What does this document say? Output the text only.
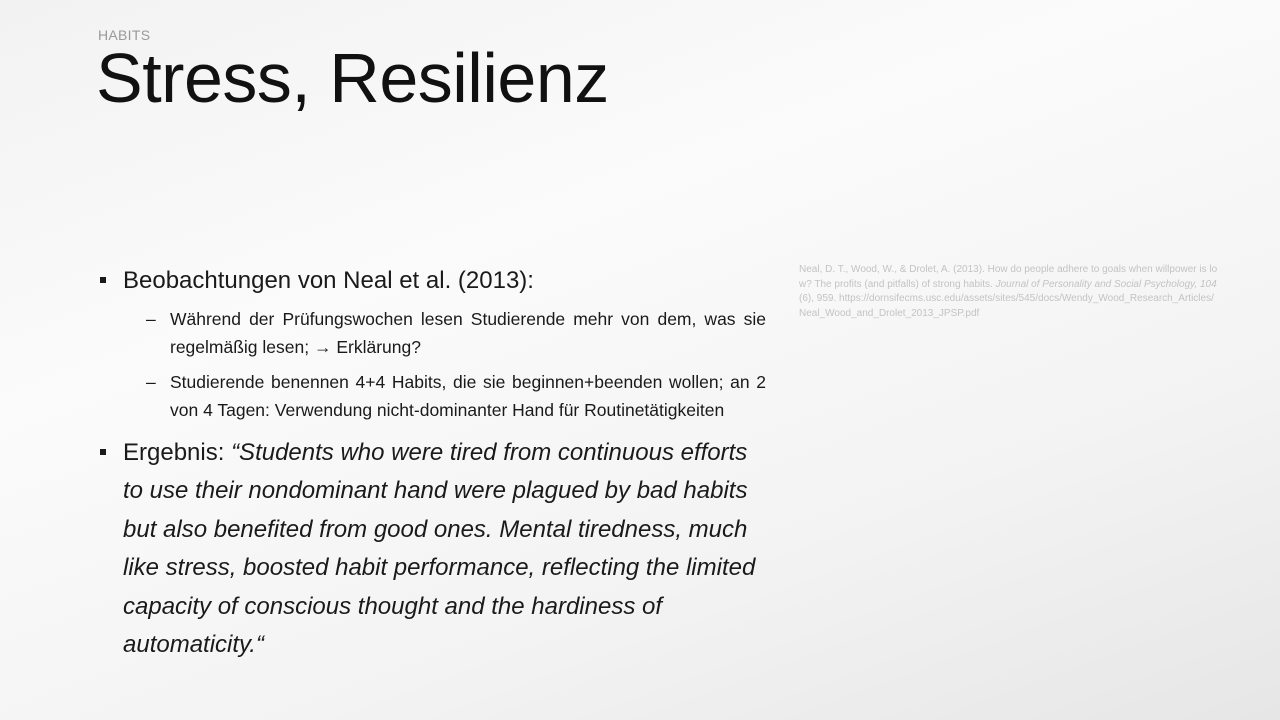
HABITS
Stress, Resilienz
Beobachtungen von Neal et al. (2013):
– Während der Prüfungswochen lesen Studierende mehr von dem, was sie regelmäßig lesen; → Erklärung?
– Studierende benennen 4+4 Habits, die sie beginnen+beenden wollen; an 2 von 4 Tagen: Verwendung nicht-dominanter Hand für Routinetätigkeiten
Ergebnis: “Students who were tired from continuous efforts to use their nondominant hand were plagued by bad habits but also benefited from good ones. Mental tiredness, much like stress, boosted habit performance, reflecting the limited capacity of conscious thought and the hardiness of automaticity.“
Neal, D. T., Wood, W., & Drolet, A. (2013). How do people adhere to goals when willpower is low? The profits (and pitfalls) of strong habits. Journal of Personality and Social Psychology, 104(6), 959. https://dornsifecms.usc.edu/assets/sites/545/docs/Wendy_Wood_Research_Articles/Neal_Wood_and_Drolet_2013_JPSP.pdf
